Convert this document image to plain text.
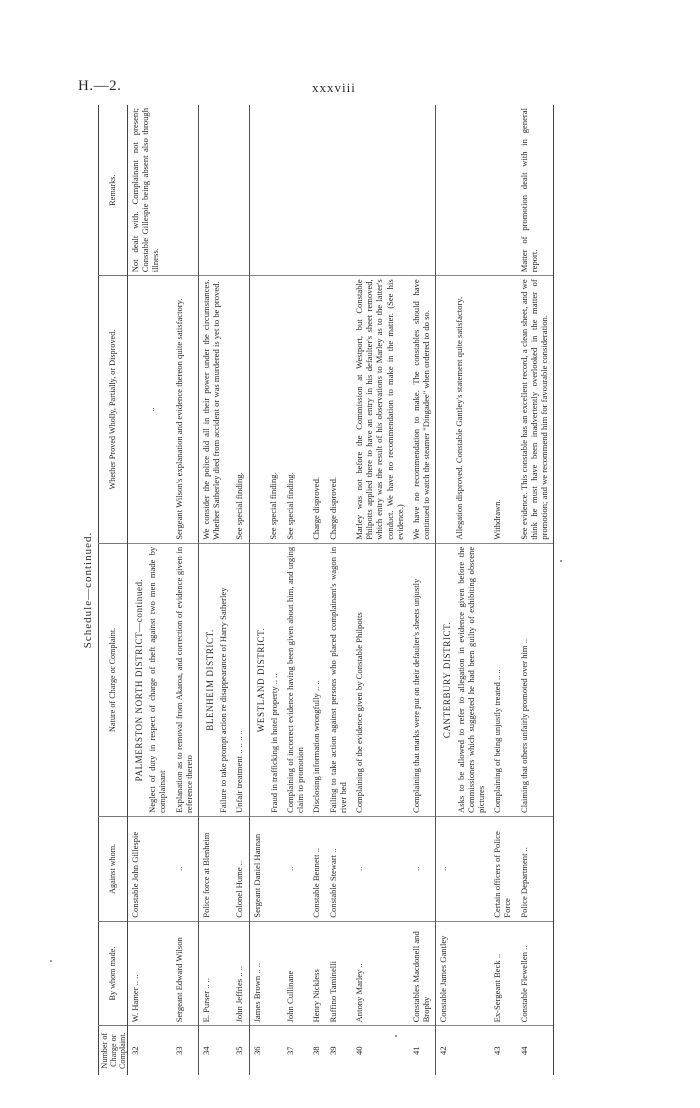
H.—2.	xxxviii
Schedule—continued.
Number of Charge or Complaint.	By whom made.	Against whom.	Nature of Charge or Complaint.	Whether Proved Wholly, Partially, or Disproved.	Remarks.
32	W. Hamer .. ..	Constable John Gillespie	PALMERSTON NORTH DISTRICT—continued. Neglect of duty in respect of charge of theft against two men made by complainant	..	Not dealt with. Complainant not present; Constable Gillespie being absent also through illness.
33	Sergeant Edward Wilson	..	Explanation as to removal from Akaroa, and correction of evidence given in reference thereto	Sergeant Wilson's explanation and evidence thereon quite satisfactory.	
34	E. Purser .. ..	Police force at Blenheim	BLENHEIM DISTRICT. Failure to take prompt action re disappearance of Harry Satherley	We consider the police did all in their power under the circumstances. Whether Satherley died from accident or was murdered is yet to be proved.	
35	John Jeffries .. ..	Colonel Hume ..	Unfair treatment .. .. .. ..	See special finding.	
36	James Brown .. ..	Sergeant Daniel Hannan	WESTLAND DISTRICT. Fraud in trafficking in hotel property .. ..	See special finding.	
37	John Cullinane	..	Complaining of incorrect evidence having been given about him, and urging claim to promotion	See special finding.	
38	Henry Nickless	Constable Bennett ..	Disclosing information wrongfully .. ..	Charge disproved.	
39	Ruffino Taminelli	Constable Stewart ..	Failing to take action against persons who placed complainant's wagon in river bed	Charge disproved.	
40	Antony Marley ..	..	Complaining of the evidence given by Constable Philpotts	Marley was not before the Commission at Westport, but Constable Philpotts applied there to have an entry in his defaulter's sheet removed, which entry was the result of his observations to Marley as to the latter's conduct. We have no recommendation to make in the matter. (See his evidence.)	
41	Constables Macdonell and Brophy	..	Complaining that marks were put on their defaulter's sheets unjustly	We have no recommendation to make. The constables should have continued to watch the steamer "Dingadee" when ordered to do so.	
42	Constable James Gantley	..	CANTERBURY DISTRICT. Asks to be allowed to refer to allegation in evidence given before the Commissioners which suggested he had been guilty of exhibiting obscene pictures	Allegation disproved. Constable Gantley's statement quite satisfactory.	
43	Ex-Sergeant Beck ..	Certain officers of Police Force	Complaining of being unjustly treated .. ..	Withdrawn.	
44	Constable Flewellen ..	Police Department ..	Claiming that others unfairly promoted over him ..	See evidence. This constable has an excellent record, a clean sheet, and we think he must have been inadvertently overlooked in the matter of promotion; and we recommend him for favourable consideration.	Matter of promotion dealt with in general report.
